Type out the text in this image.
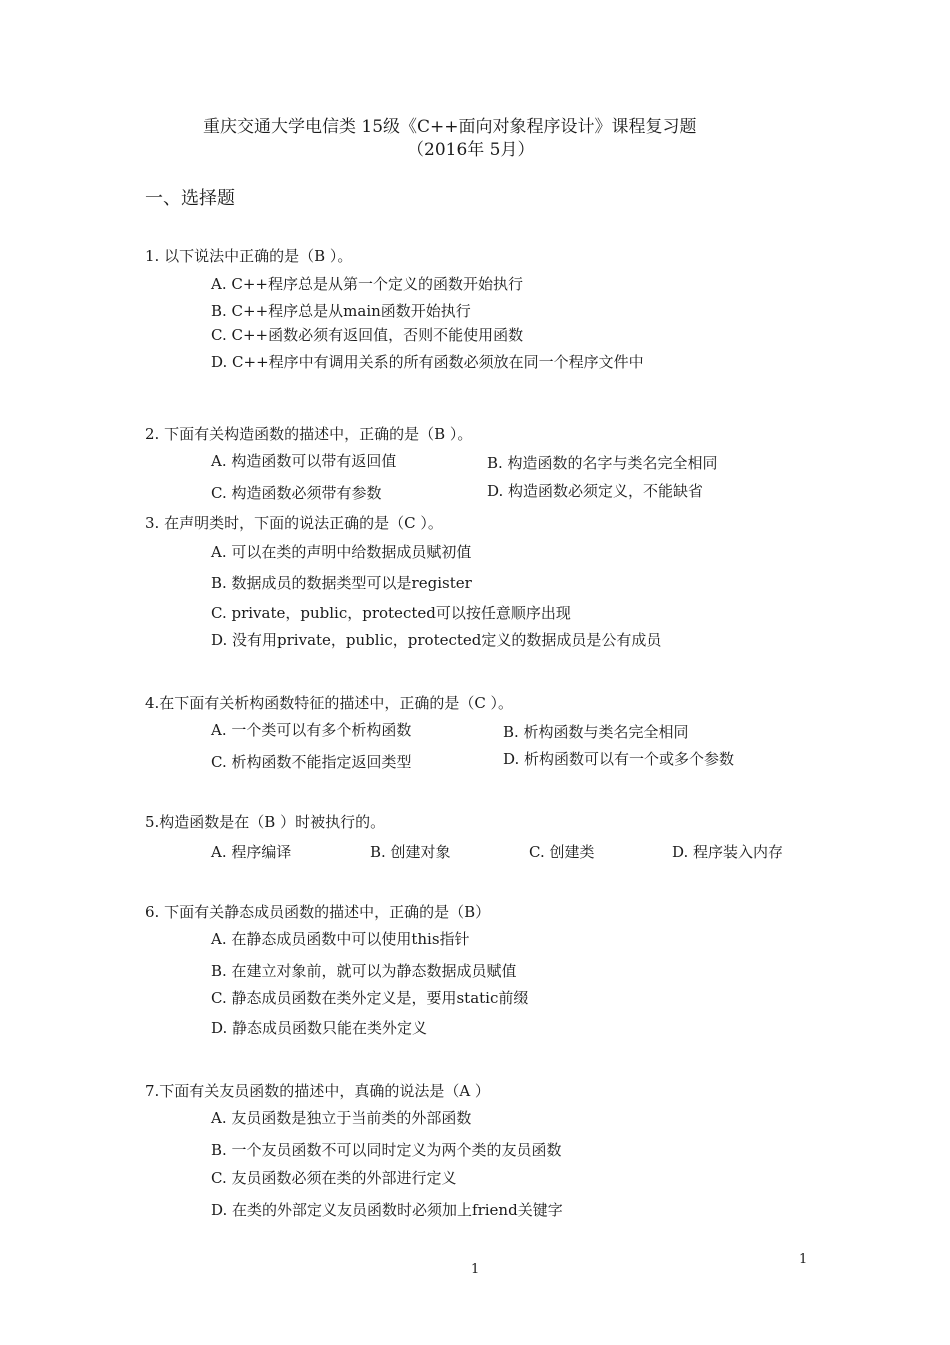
重庆交通大学电信类 15级《C++面向对象程序设计》课程复习题
（2016年 5月）
一、选择题
1. 以下说法中正确的是（B ）。
A. C++程序总是从第一个定义的函数开始执行
B. C++程序总是从main函数开始执行
C. C++函数必须有返回值，否则不能使用函数
D. C++程序中有调用关系的所有函数必须放在同一个程序文件中
2. 下面有关构造函数的描述中，正确的是（B ）。
A. 构造函数可以带有返回值	B. 构造函数的名字与类名完全相同
C. 构造函数必须带有参数	D. 构造函数必须定义，不能缺省
3. 在声明类时，下面的说法正确的是（C ）。
A. 可以在类的声明中给数据成员赋初值
B. 数据成员的数据类型可以是register
C. private，public，protected可以按任意顺序出现
D. 没有用private，public，protected定义的数据成员是公有成员
4.在下面有关析构函数特征的描述中，正确的是（C ）。
A. 一个类可以有多个析构函数	B. 析构函数与类名完全相同
C. 析构函数不能指定返回类型	D. 析构函数可以有一个或多个参数
5.构造函数是在（B ）时被执行的。
A. 程序编译	B. 创建对象	C. 创建类	D. 程序装入内存
6. 下面有关静态成员函数的描述中，正确的是（B）
A. 在静态成员函数中可以使用this指针
B. 在建立对象前，就可以为静态数据成员赋值
C. 静态成员函数在类外定义是，要用static前缀
D. 静态成员函数只能在类外定义
7.下面有关友员函数的描述中，真确的说法是（A ）
A. 友员函数是独立于当前类的外部函数
B. 一个友员函数不可以同时定义为两个类的友员函数
C. 友员函数必须在类的外部进行定义
D. 在类的外部定义友员函数时必须加上friend关键字
1
1
